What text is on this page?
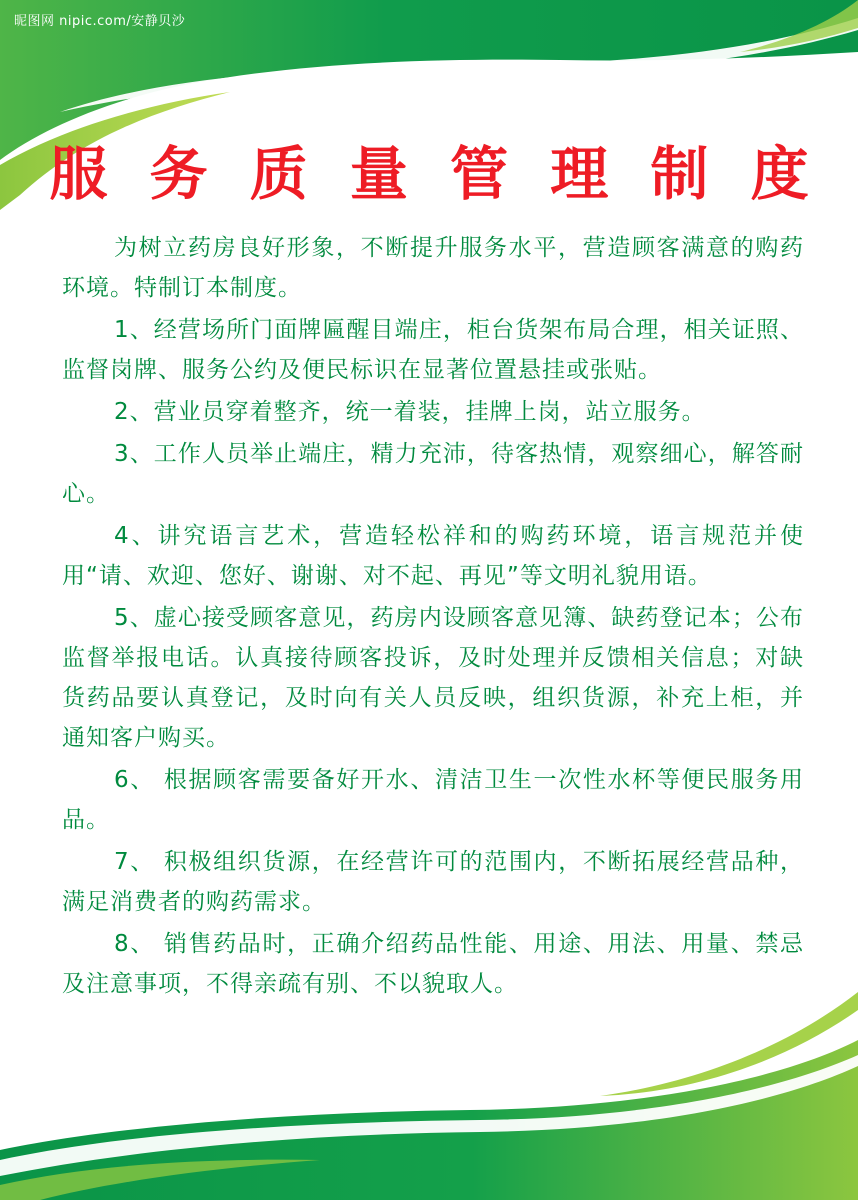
昵图网 nipic.com/安静贝沙
服 务 质 量 管 理 制 度

为树立药房良好形象，不断提升服务水平，营造顾客满意的购药环境。特制订本制度。

1、经营场所门面牌匾醒目端庄，柜台货架布局合理，相关证照、监督岗牌、服务公约及便民标识在显著位置悬挂或张贴。

2、营业员穿着整齐，统一着装，挂牌上岗，站立服务。

3、工作人员举止端庄，精力充沛，待客热情，观察细心，解答耐心。

4、讲究语言艺术，营造轻松祥和的购药环境，语言规范并使用“请、欢迎、您好、谢谢、对不起、再见”等文明礼貌用语。

5、虚心接受顾客意见，药房内设顾客意见簿、缺药登记本；公布监督举报电话。认真接待顾客投诉，及时处理并反馈相关信息；对缺货药品要认真登记，及时向有关人员反映，组织货源，补充上柜，并通知客户购买。

6、 根据顾客需要备好开水、清洁卫生一次性水杯等便民服务用品。

7、 积极组织货源，在经营许可的范围内，不断拓展经营品种，满足消费者的购药需求。

8、 销售药品时，正确介绍药品性能、用途、用法、用量、禁忌及注意事项，不得亲疏有别、不以貌取人。
